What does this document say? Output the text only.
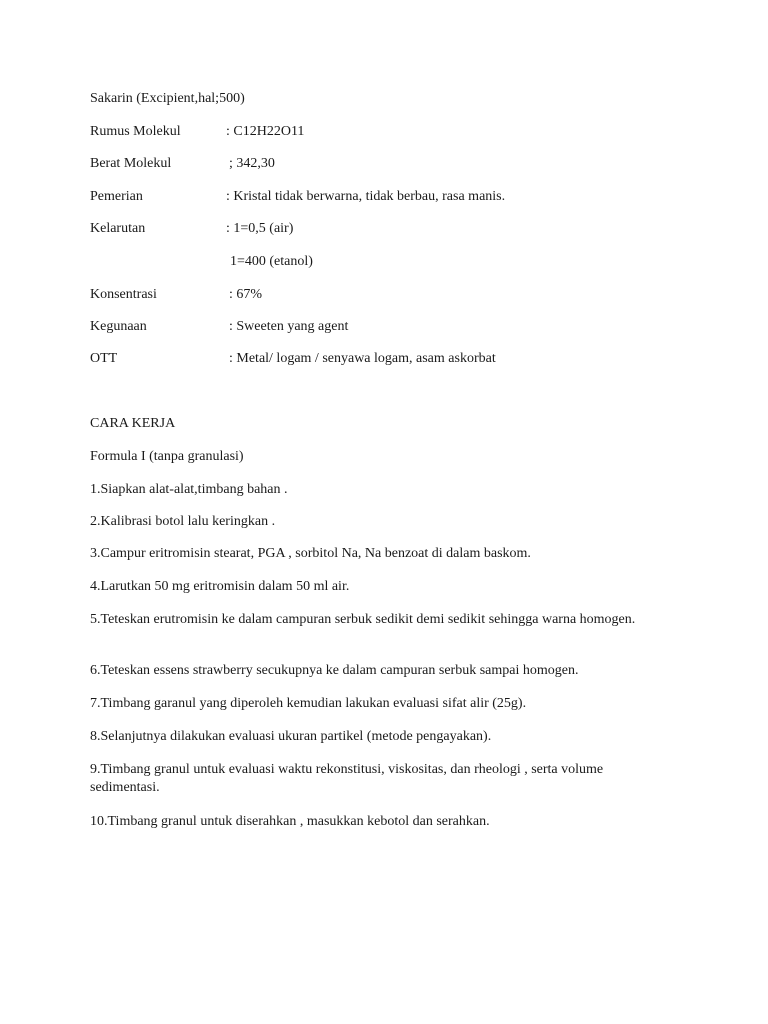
Sakarin (Excipient,hal;500)
Rumus Molekul	: C12H22O11
Berat Molekul	; 342,30
Pemerian	: Kristal tidak berwarna, tidak berbau, rasa manis.
Kelarutan	: 1=0,5 (air)
1=400 (etanol)
Konsentrasi	: 67%
Kegunaan	: Sweeten yang agent
OTT	: Metal/ logam / senyawa logam, asam askorbat
CARA KERJA
Formula I (tanpa granulasi)
1.Siapkan alat-alat,timbang bahan .
2.Kalibrasi botol lalu keringkan .
3.Campur eritromisin stearat, PGA , sorbitol Na, Na benzoat di dalam baskom.
4.Larutkan 50 mg eritromisin dalam 50 ml air.
5.Teteskan erutromisin ke dalam campuran serbuk sedikit demi sedikit sehingga warna homogen.
6.Teteskan essens strawberry secukupnya ke dalam campuran serbuk sampai homogen.
7.Timbang garanul yang diperoleh kemudian lakukan evaluasi sifat alir (25g).
8.Selanjutnya dilakukan evaluasi ukuran partikel (metode pengayakan).
9.Timbang granul untuk evaluasi waktu rekonstitusi, viskositas, dan rheologi , serta volume sedimentasi.
10.Timbang granul untuk diserahkan , masukkan kebotol dan serahkan.
